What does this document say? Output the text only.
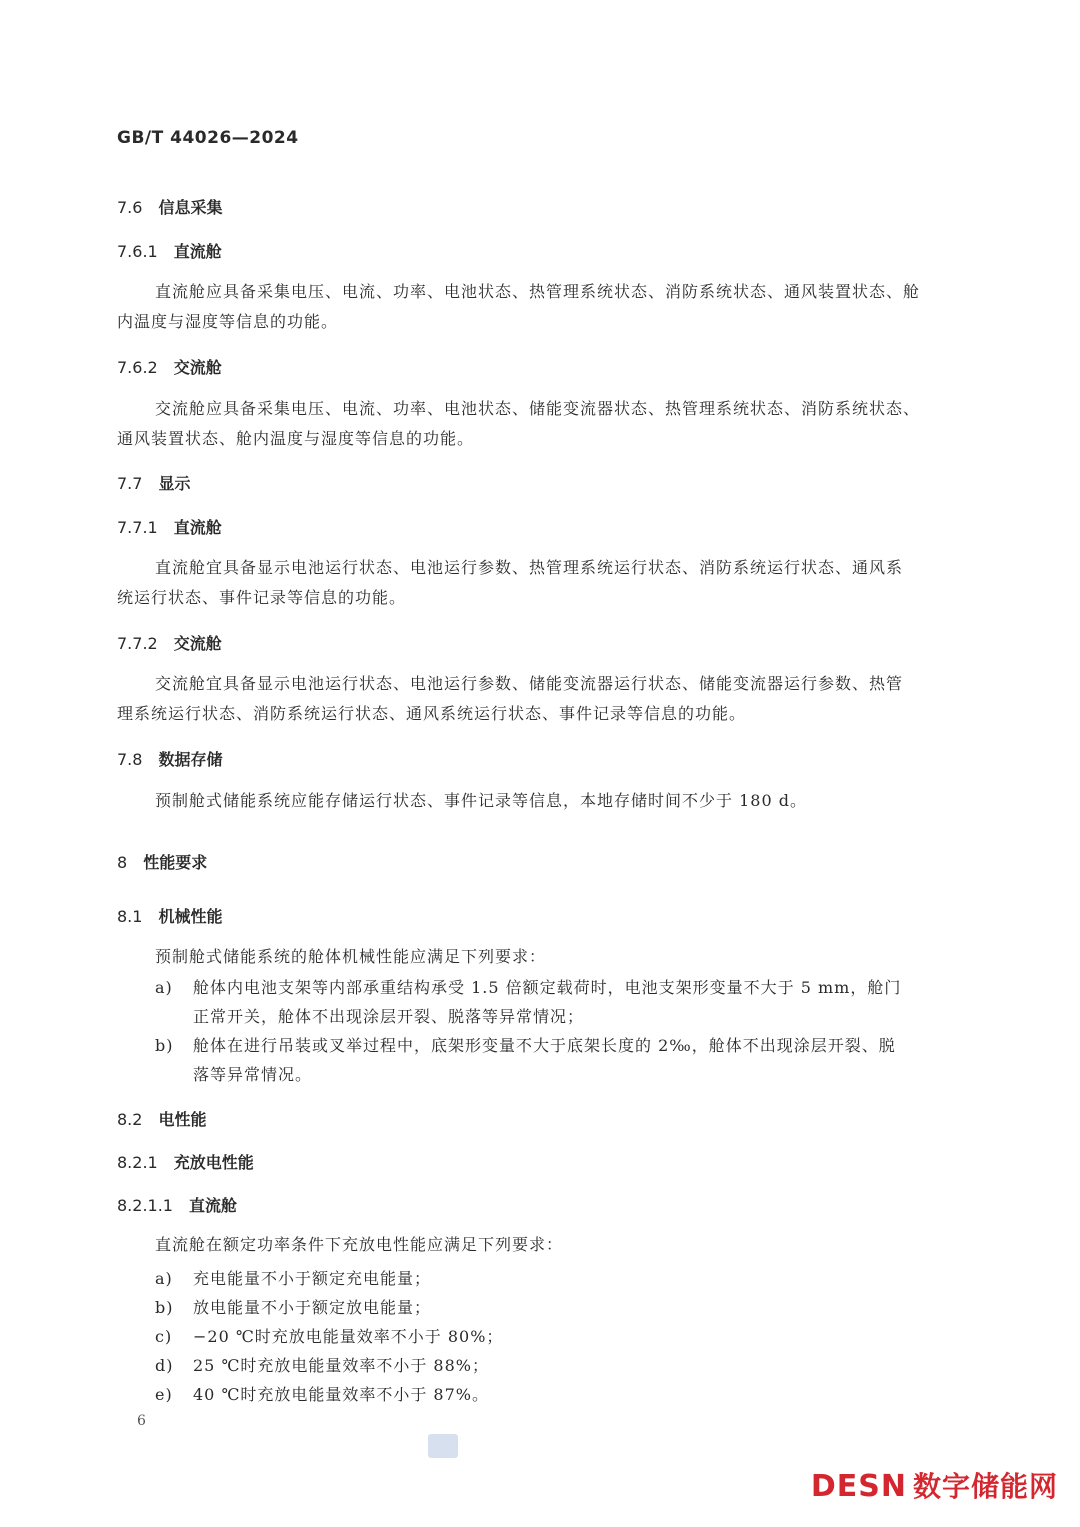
GB/T 44026—2024
7.6 信息采集
7.6.1 直流舱
直流舱应具备采集电压、电流、功率、电池状态、热管理系统状态、消防系统状态、通风装置状态、舱
内温度与湿度等信息的功能。
7.6.2 交流舱
交流舱应具备采集电压、电流、功率、电池状态、储能变流器状态、热管理系统状态、消防系统状态、
通风装置状态、舱内温度与湿度等信息的功能。
7.7 显示
7.7.1 直流舱
直流舱宜具备显示电池运行状态、电池运行参数、热管理系统运行状态、消防系统运行状态、通风系
统运行状态、事件记录等信息的功能。
7.7.2 交流舱
交流舱宜具备显示电池运行状态、电池运行参数、储能变流器运行状态、储能变流器运行参数、热管
理系统运行状态、消防系统运行状态、通风系统运行状态、事件记录等信息的功能。
7.8 数据存储
预制舱式储能系统应能存储运行状态、事件记录等信息，本地存储时间不少于 180 d。
8 性能要求
8.1 机械性能
预制舱式储能系统的舱体机械性能应满足下列要求：
a) 舱体内电池支架等内部承重结构承受 1.5 倍额定载荷时，电池支架形变量不大于 5 mm，舱门
正常开关，舱体不出现涂层开裂、脱落等异常情况；
b) 舱体在进行吊装或叉举过程中，底架形变量不大于底架长度的 2‰，舱体不出现涂层开裂、脱
落等异常情况。
8.2 电性能
8.2.1 充放电性能
8.2.1.1 直流舱
直流舱在额定功率条件下充放电性能应满足下列要求：
a) 充电能量不小于额定充电能量；
b) 放电能量不小于额定放电能量；
c) −20 ℃时充放电能量效率不小于 80%；
d) 25 ℃时充放电能量效率不小于 88%；
e) 40 ℃时充放电能量效率不小于 87%。
6
DESN 数字储能网
